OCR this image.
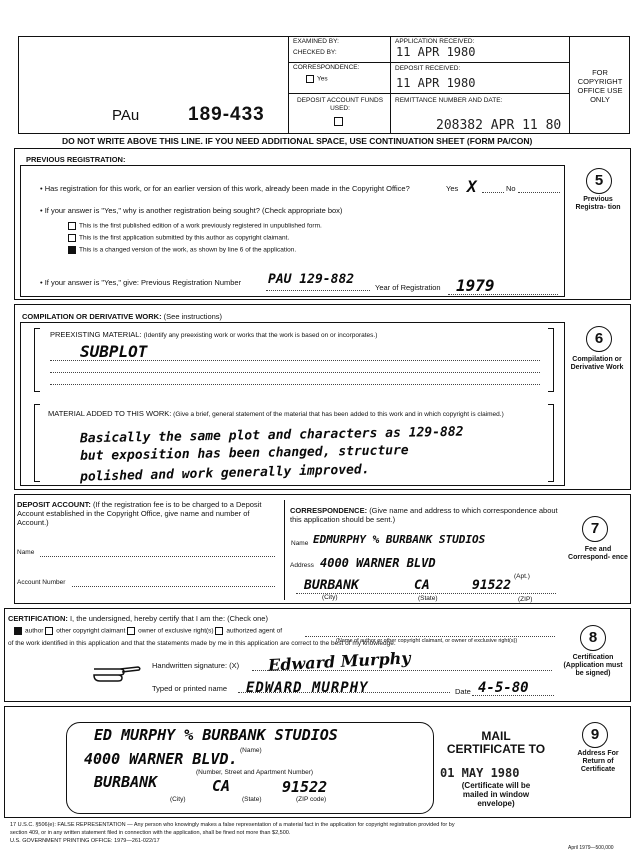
PAu	189-433
EXAMINED BY:
CHECKED BY:
CORRESPONDENCE:
Yes
DEPOSIT ACCOUNT FUNDS USED:
APPLICATION RECEIVED:
11 APR 1980
DEPOSIT RECEIVED:
11 APR 1980
REMITTANCE NUMBER AND DATE:
208382 APR 11 80
FOR COPYRIGHT OFFICE USE ONLY
DO NOT WRITE ABOVE THIS LINE. IF YOU NEED ADDITIONAL SPACE, USE CONTINUATION SHEET (FORM PA/CON)
PREVIOUS REGISTRATION:
• Has registration for this work, or for an earlier version of this work, already been made in the Copyright Office?	Yes X	No
• If your answer is "Yes," why is another registration being sought? (Check appropriate box)
This is the first published edition of a work previously registered in unpublished form.
This is the first application submitted by this author as copyright claimant.
This is a changed version of the work, as shown by line 6 of the application.
• If your answer is "Yes," give: Previous Registration Number	PAU 129-882
Year of Registration 1979
5
Previous Registra- tion
COMPILATION OR DERIVATIVE WORK: (See instructions)
PREEXISTING MATERIAL: (Identify any preexisting work or works that the work is based on or incorporates.)
SUBPLOT
MATERIAL ADDED TO THIS WORK: (Give a brief, general statement of the material that has been added to this work and in which copyright is claimed.)
Basically the same plot and characters as 129-882
but exposition has been changed, structure
polished and work generally improved.
6
Compilation or Derivative Work
DEPOSIT ACCOUNT: (If the registration fee is to be charged to a Deposit Account established in the Copyright Office, give name and number of Account.)
Name
Account Number
CORRESPONDENCE: (Give name and address to which correspondence about this application should be sent.)
Name EDMURPHY % BURBANK STUDIOS
Address 4000 WARNER BLVD
(Apt.)
BURBANK	CA	91522
(City)	(State)	(ZIP)
7
Fee and Correspond- ence
CERTIFICATION: I, the undersigned, hereby certify that I am the: (Check one)
author other copyright claimant owner of exclusive right(s) authorized agent of
(Name of author or other copyright claimant, or owner of exclusive right(s))
of the work identified in this application and that the statements made by me in this application are correct to the best of my knowledge.
Handwritten signature: (X) Edward Murphy
Typed or printed name EDWARD MURPHY	Date 4-5-80
8
Certification (Application must be signed)
ED MURPHY % BURBANK STUDIOS
(Name)
4000 WARNER BLVD.
(Number, Street and Apartment Number)
BURBANK	CA	91522
(City)	(State)	(ZIP code)
MAIL CERTIFICATE TO
01 MAY 1980
(Certificate will be mailed in window envelope)
9
Address For Return of Certificate
17 U.S.C. §506(e): FALSE REPRESENTATION — Any person who knowingly makes a false representation of a material fact in the application for copyright registration provided for by
section 409, or in any written statement filed in connection with the application, shall be fined not more than $2,500.
U.S. GOVERNMENT PRINTING OFFICE: 1979—261-022/17
April 1979—500,000
